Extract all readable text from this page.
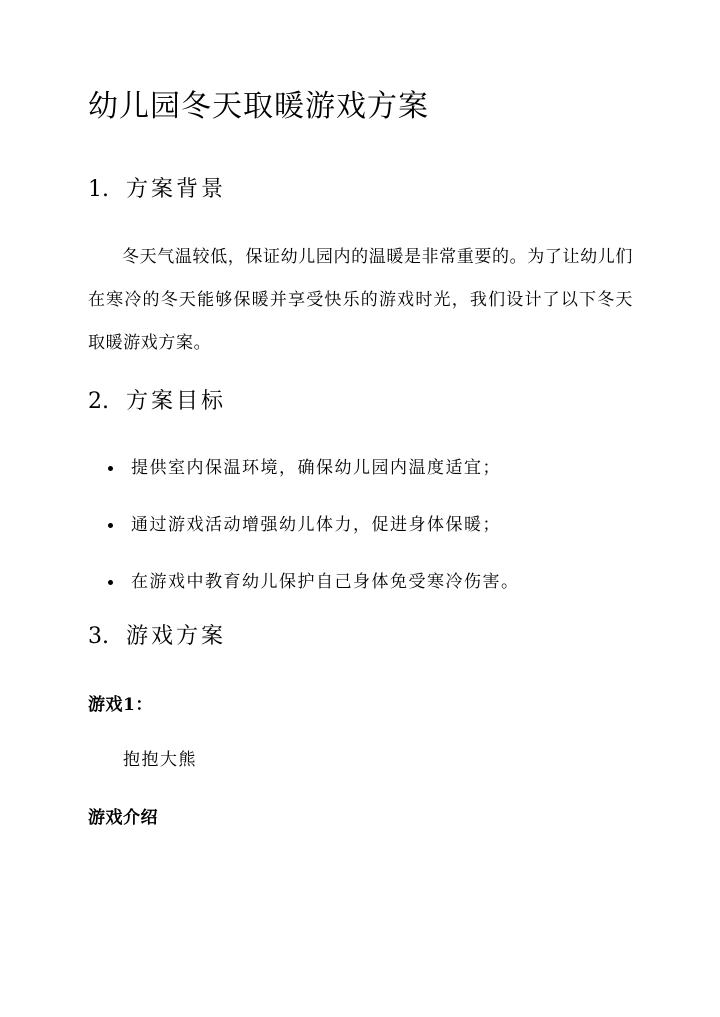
幼儿园冬天取暖游戏方案
1. 方案背景

冬天气温较低，保证幼儿园内的温暖是非常重要的。为了让幼儿们在寒冷的冬天能够保暖并享受快乐的游戏时光，我们设计了以下冬天取暖游戏方案。

2. 方案目标
提供室内保温环境，确保幼儿园内温度适宜；
通过游戏活动增强幼儿体力，促进身体保暖；
在游戏中教育幼儿保护自己身体免受寒冷伤害。
3. 游戏方案
游戏1：
抱抱大熊
游戏介绍
